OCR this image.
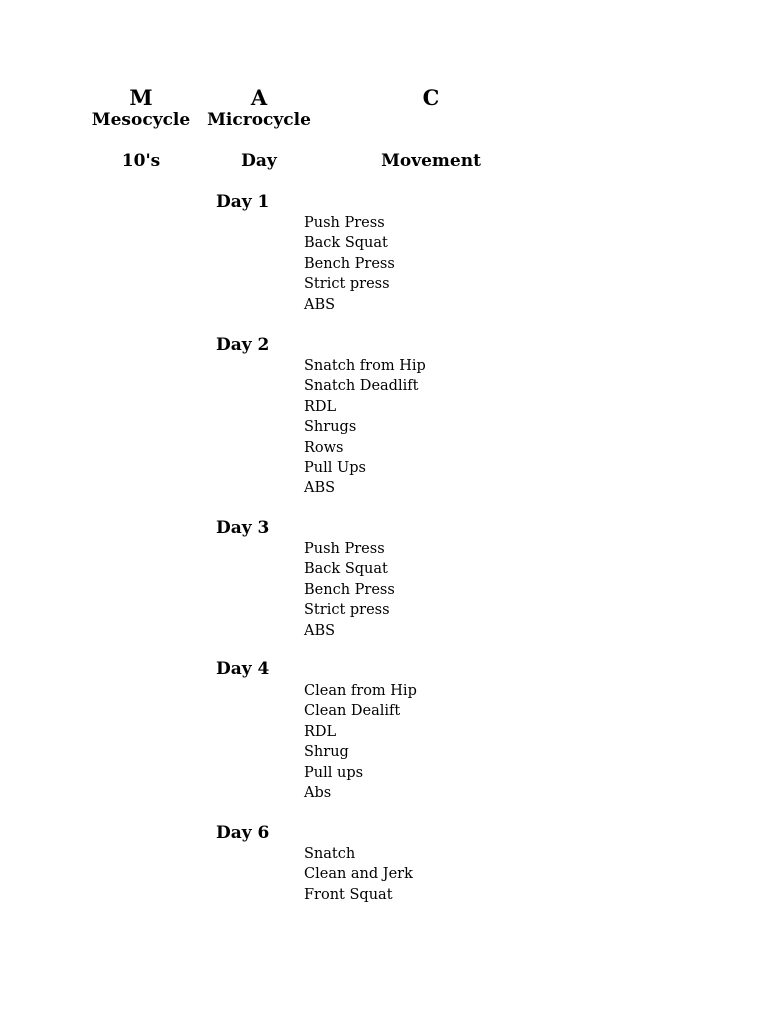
M	A	C
Mesocycle Microcycle
10's	Day	Movement
Day 1
Push Press
Back Squat
Bench Press
Strict press
ABS
Day 2
Snatch from Hip
Snatch Deadlift
RDL
Shrugs
Rows
Pull Ups
ABS
Day 3
Push Press
Back Squat
Bench Press
Strict press
ABS
Day 4
Clean from Hip
Clean Dealift
RDL
Shrug
Pull ups
Abs
Day 6
Snatch
Clean and Jerk
Front Squat
